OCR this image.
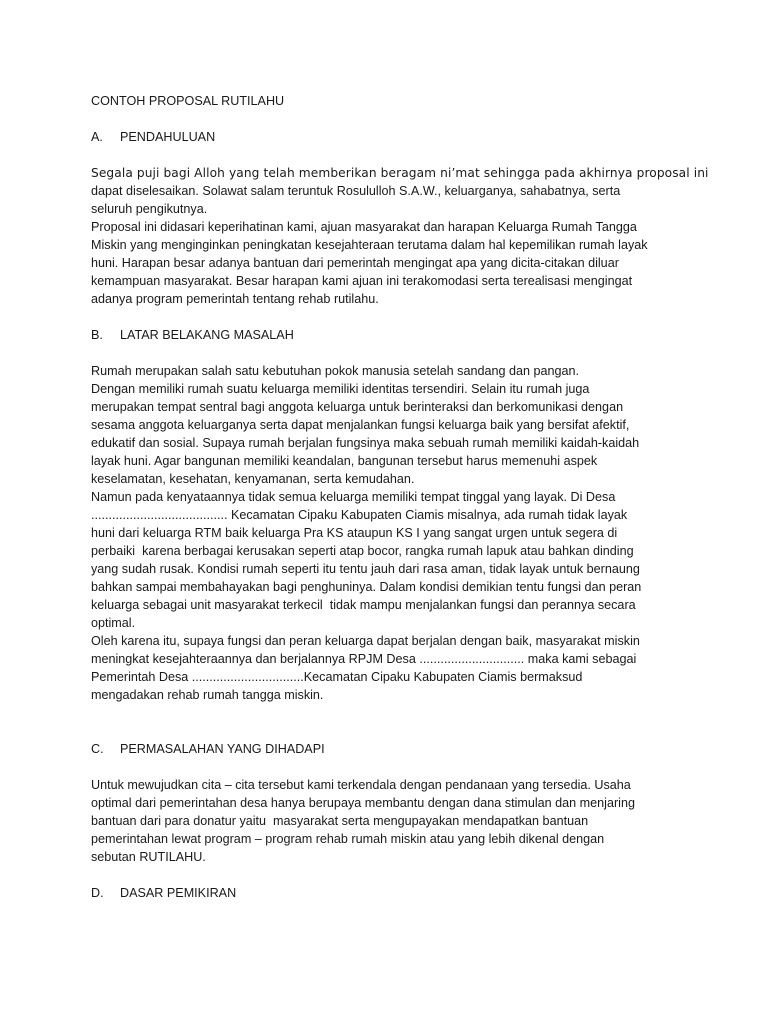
CONTOH PROPOSAL RUTILAHU
A.	PENDAHULUAN
Segala puji bagi Alloh yang telah memberikan beragam ni’mat sehingga pada akhirnya proposal ini
dapat diselesaikan. Solawat salam teruntuk Rosululloh S.A.W., keluarganya, sahabatnya, serta
seluruh pengikutnya.
Proposal ini didasari keperihatinan kami, ajuan masyarakat dan harapan Keluarga Rumah Tangga
Miskin yang menginginkan peningkatan kesejahteraan terutama dalam hal kepemilikan rumah layak
huni. Harapan besar adanya bantuan dari pemerintah mengingat apa yang dicita-citakan diluar
kemampuan masyarakat. Besar harapan kami ajuan ini terakomodasi serta terealisasi mengingat
adanya program pemerintah tentang rehab rutilahu.
B.	LATAR BELAKANG MASALAH
Rumah merupakan salah satu kebutuhan pokok manusia setelah sandang dan pangan.
Dengan memiliki rumah suatu keluarga memiliki identitas tersendiri. Selain itu rumah juga
merupakan tempat sentral bagi anggota keluarga untuk berinteraksi dan berkomunikasi dengan
sesama anggota keluarganya serta dapat menjalankan fungsi keluarga baik yang bersifat afektif,
edukatif dan sosial. Supaya rumah berjalan fungsinya maka sebuah rumah memiliki kaidah-kaidah
layak huni. Agar bangunan memiliki keandalan, bangunan tersebut harus memenuhi aspek
keselamatan, kesehatan, kenyamanan, serta kemudahan.
Namun pada kenyataannya tidak semua keluarga memiliki tempat tinggal yang layak. Di Desa
....................................... Kecamatan Cipaku Kabupaten Ciamis misalnya, ada rumah tidak layak
huni dari keluarga RTM baik keluarga Pra KS ataupun KS I yang sangat urgen untuk segera di
perbaiki  karena berbagai kerusakan seperti atap bocor, rangka rumah lapuk atau bahkan dinding
yang sudah rusak. Kondisi rumah seperti itu tentu jauh dari rasa aman, tidak layak untuk bernaung
bahkan sampai membahayakan bagi penghuninya. Dalam kondisi demikian tentu fungsi dan peran
keluarga sebagai unit masyarakat terkecil  tidak mampu menjalankan fungsi dan perannya secara
optimal.
Oleh karena itu, supaya fungsi dan peran keluarga dapat berjalan dengan baik, masyarakat miskin
meningkat kesejahteraannya dan berjalannya RPJM Desa .............................. maka kami sebagai
Pemerintah Desa ................................Kecamatan Cipaku Kabupaten Ciamis bermaksud
mengadakan rehab rumah tangga miskin.
C.	PERMASALAHAN YANG DIHADAPI
Untuk mewujudkan cita – cita tersebut kami terkendala dengan pendanaan yang tersedia. Usaha
optimal dari pemerintahan desa hanya berupaya membantu dengan dana stimulan dan menjaring
bantuan dari para donatur yaitu  masyarakat serta mengupayakan mendapatkan bantuan
pemerintahan lewat program – program rehab rumah miskin atau yang lebih dikenal dengan
sebutan RUTILAHU.
D.	DASAR PEMIKIRAN
